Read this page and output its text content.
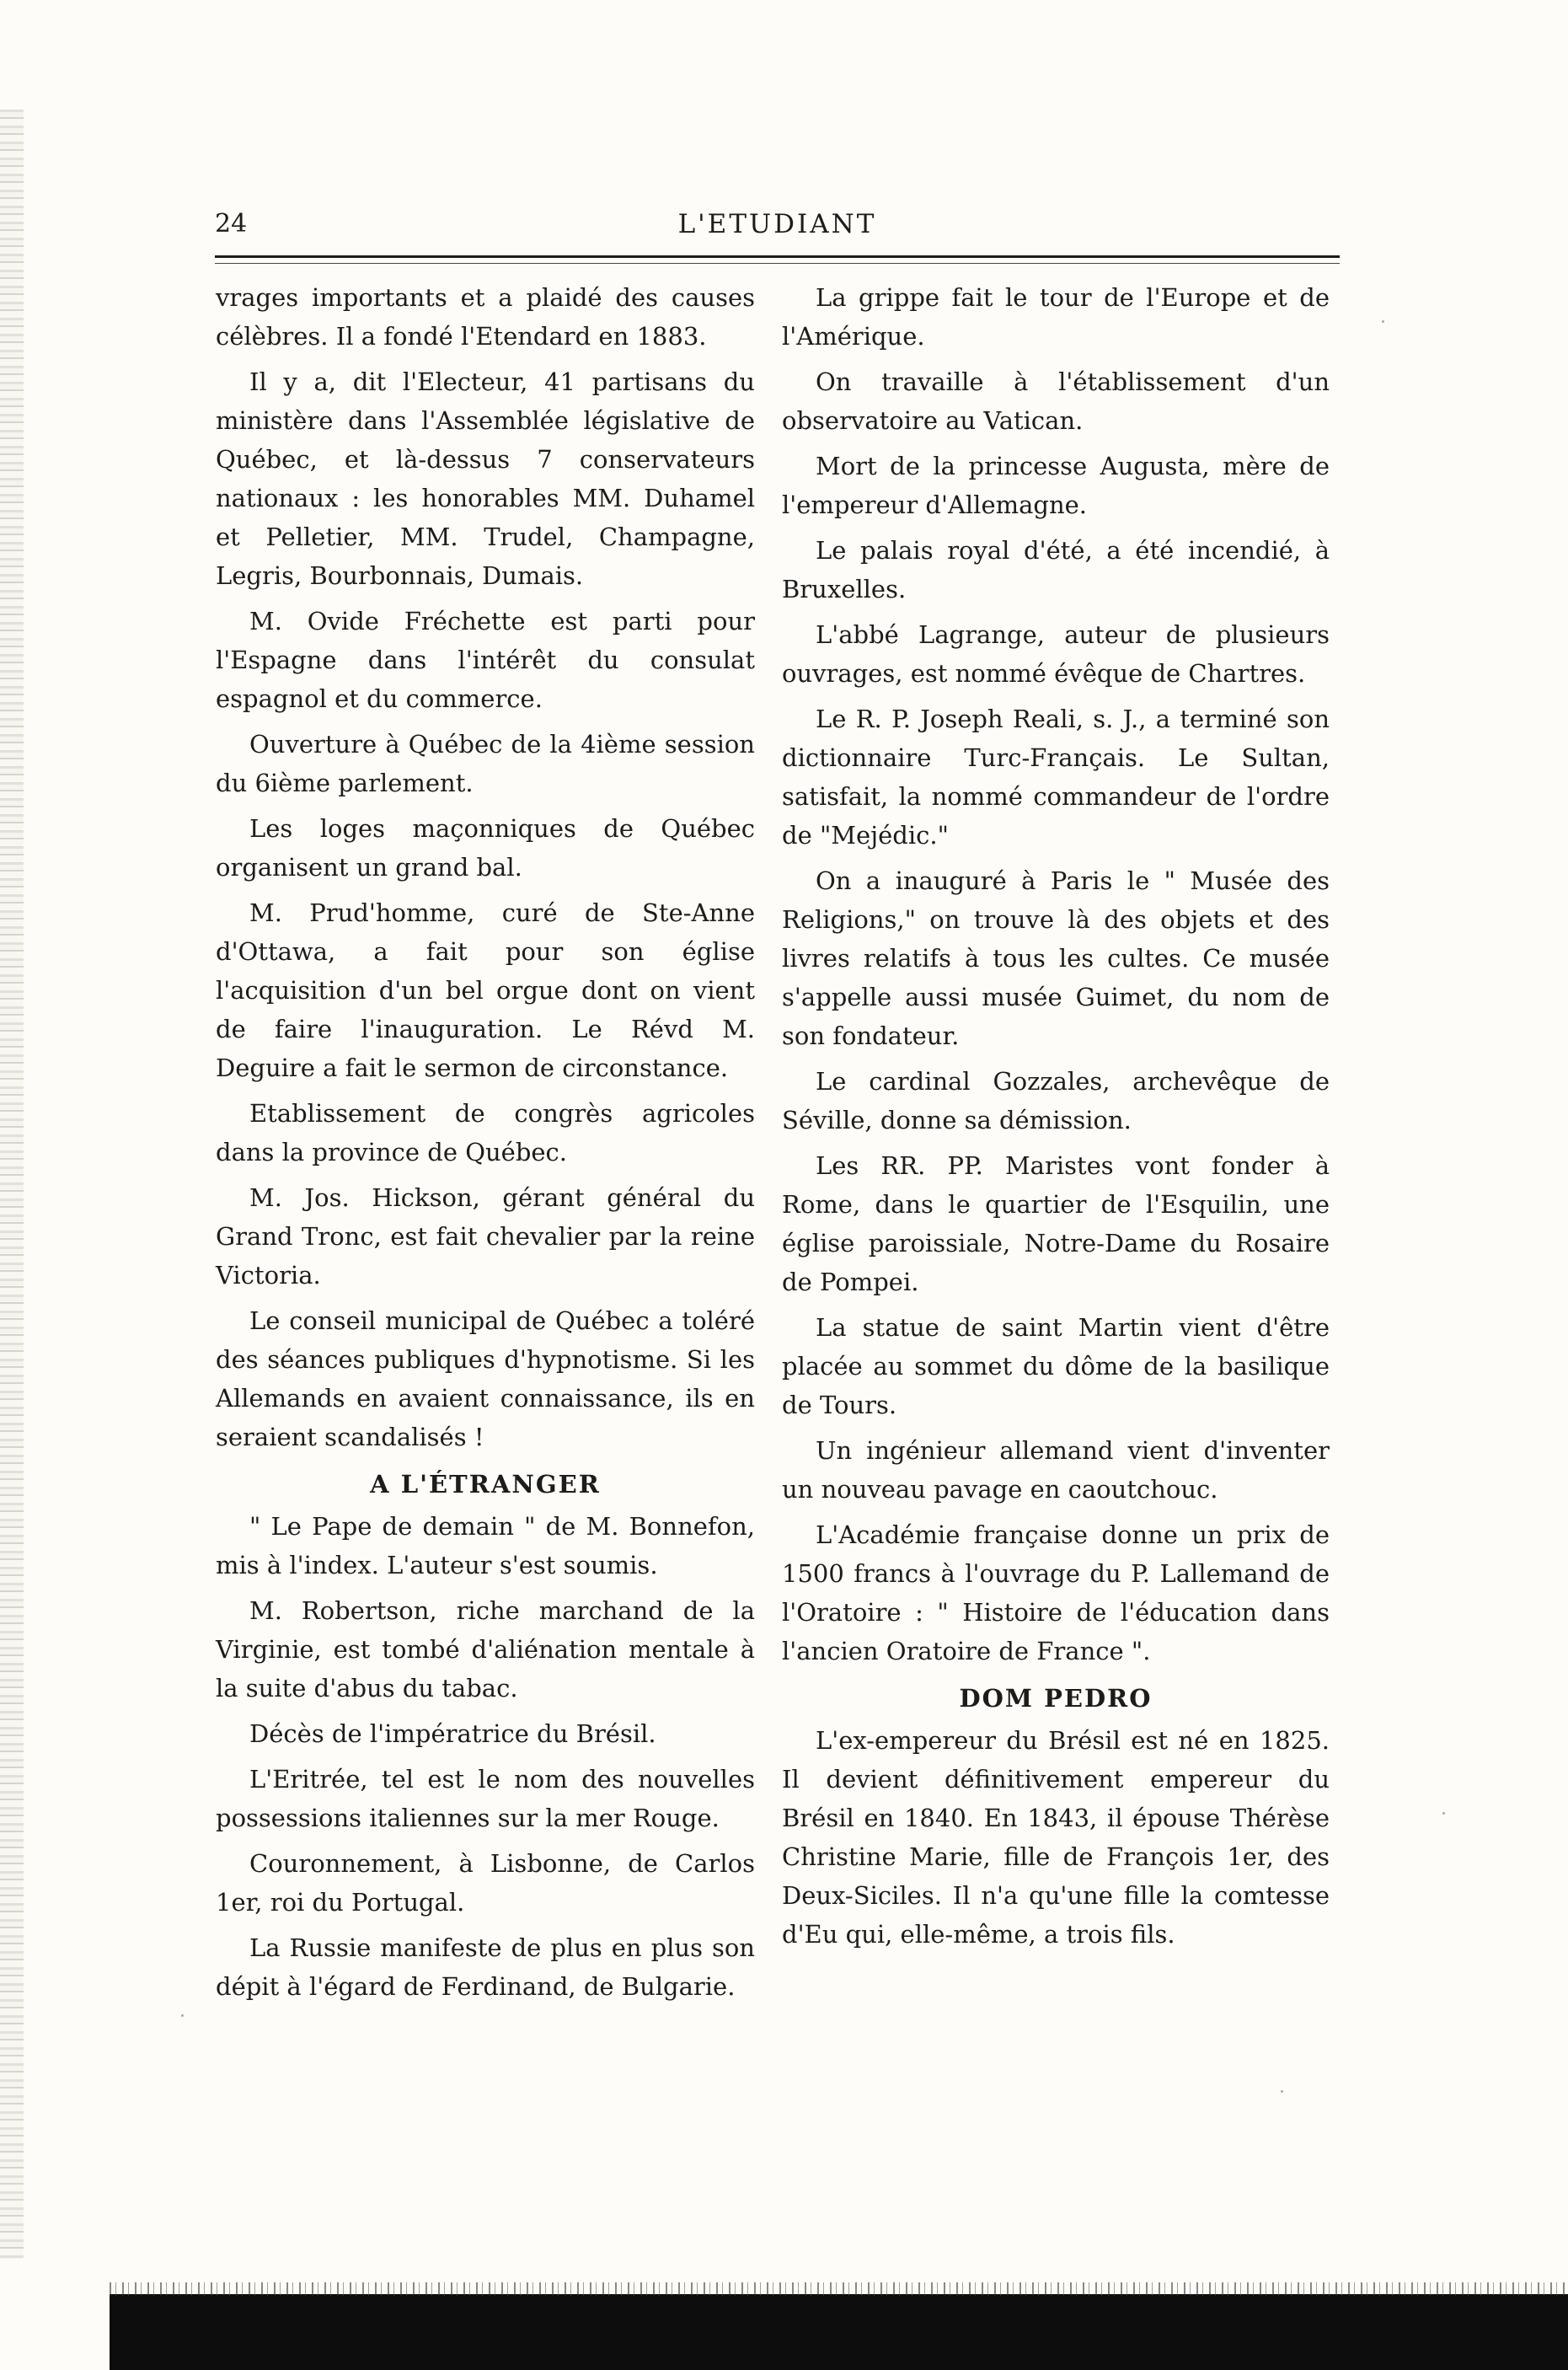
24	L'ETUDIANT

vrages importants et a plaidé des causes célèbres. Il a fondé l'Etendard en 1883.

Il y a, dit l'Electeur, 41 partisans du ministère dans l'Assemblée législative de Québec, et là-dessus 7 conservateurs nationaux : les honorables MM. Duhamel et Pelletier, MM. Trudel, Champagne, Legris, Bourbonnais, Dumais.

M. Ovide Fréchette est parti pour l'Espagne dans l'intérêt du consulat espagnol et du commerce.

Ouverture à Québec de la 4ième session du 6ième parlement.

Les loges maçonniques de Québec organisent un grand bal.

M. Prud'homme, curé de Ste-Anne d'Ottawa, a fait pour son église l'acquisition d'un bel orgue dont on vient de faire l'inauguration. Le Révd M. Deguire a fait le sermon de circonstance.

Etablissement de congrès agricoles dans la province de Québec.

M. Jos. Hickson, gérant général du Grand Tronc, est fait chevalier par la reine Victoria.

Le conseil municipal de Québec a toléré des séances publiques d'hypnotisme. Si les Allemands en avaient connaissance, ils en seraient scandalisés !

A L'ÉTRANGER

" Le Pape de demain " de M. Bonnefon, mis à l'index. L'auteur s'est soumis.

M. Robertson, riche marchand de la Virginie, est tombé d'aliénation mentale à la suite d'abus du tabac.

Décès de l'impératrice du Brésil.

L'Eritrée, tel est le nom des nouvelles possessions italiennes sur la mer Rouge.

Couronnement, à Lisbonne, de Carlos 1er, roi du Portugal.

La Russie manifeste de plus en plus son dépit à l'égard de Ferdinand, de Bulgarie.

La grippe fait le tour de l'Europe et de l'Amérique.

On travaille à l'établissement d'un observatoire au Vatican.

Mort de la princesse Augusta, mère de l'empereur d'Allemagne.

Le palais royal d'été, a été incendié, à Bruxelles.

L'abbé Lagrange, auteur de plusieurs ouvrages, est nommé évêque de Chartres.

Le R. P. Joseph Reali, s. J., a terminé son dictionnaire Turc-Français. Le Sultan, satisfait, la nommé commandeur de l'ordre de "Mejédic."

On a inauguré à Paris le " Musée des Religions," on trouve là des objets et des livres relatifs à tous les cultes. Ce musée s'appelle aussi musée Guimet, du nom de son fondateur.

Le cardinal Gozzales, archevêque de Séville, donne sa démission.

Les RR. PP. Maristes vont fonder à Rome, dans le quartier de l'Esquilin, une église paroissiale, Notre-Dame du Rosaire de Pompei.

La statue de saint Martin vient d'être placée au sommet du dôme de la basilique de Tours.

Un ingénieur allemand vient d'inventer un nouveau pavage en caoutchouc.

L'Académie française donne un prix de 1500 francs à l'ouvrage du P. Lallemand de l'Oratoire : " Histoire de l'éducation dans l'ancien Oratoire de France ".

DOM PEDRO

L'ex-empereur du Brésil est né en 1825. Il devient définitivement empereur du Brésil en 1840. En 1843, il épouse Thérèse Christine Marie, fille de François 1er, des Deux-Siciles. Il n'a qu'une fille la comtesse d'Eu qui, elle-même, a trois fils.
